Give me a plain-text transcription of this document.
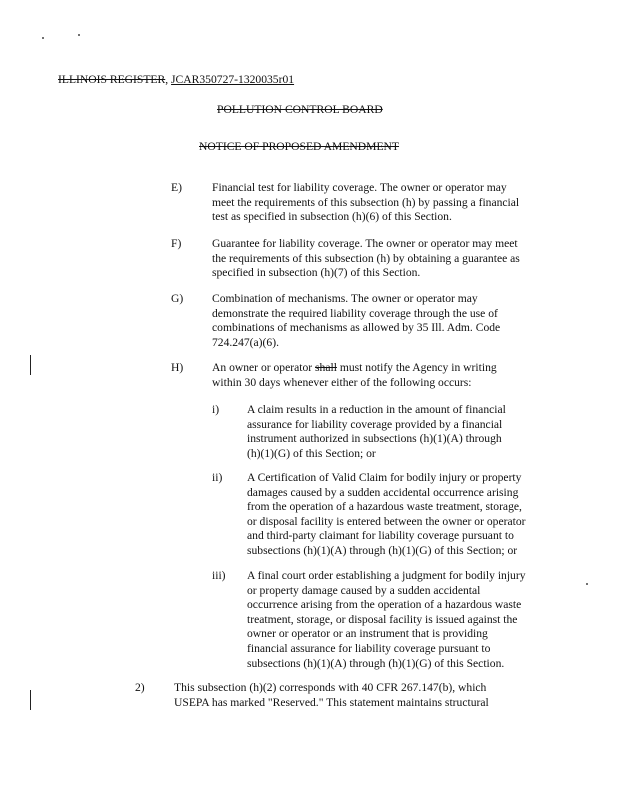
ILLINOIS REGISTER, JCAR350727-1320035r01
POLLUTION CONTROL BOARD
NOTICE OF PROPOSED AMENDMENT
E)	Financial test for liability coverage. The owner or operator may
meet the requirements of this subsection (h) by passing a financial
test as specified in subsection (h)(6) of this Section.
F)	Guarantee for liability coverage. The owner or operator may meet
the requirements of this subsection (h) by obtaining a guarantee as
specified in subsection (h)(7) of this Section.
G) Combination of mechanisms. The owner or operator may
demonstrate the required liability coverage through the use of
combinations of mechanisms as allowed by 35 Ill. Adm. Code
724.247(a)(6).
H) An owner or operator shall must notify the Agency in writing
within 30 days whenever either of the following occurs:
i) A claim results in a reduction in the amount of financial
assurance for liability coverage provided by a financial
instrument authorized in subsections (h)(1)(A) through
(h)(1)(G) of this Section; or
ii) A Certification of Valid Claim for bodily injury or property
damages caused by a sudden accidental occurrence arising
from the operation of a hazardous waste treatment, storage,
or disposal facility is entered between the owner or operator
and third-party claimant for liability coverage pursuant to
subsections (h)(1)(A) through (h)(1)(G) of this Section; or
iii) A final court order establishing a judgment for bodily injury
or property damage caused by a sudden accidental
occurrence arising from the operation of a hazardous waste
treatment, storage, or disposal facility is issued against the
owner or operator or an instrument that is providing
financial assurance for liability coverage pursuant to
subsections (h)(1)(A) through (h)(1)(G) of this Section.
2)	This subsection (h)(2) corresponds with 40 CFR 267.147(b), which
USEPA has marked "Reserved." This statement maintains structural
